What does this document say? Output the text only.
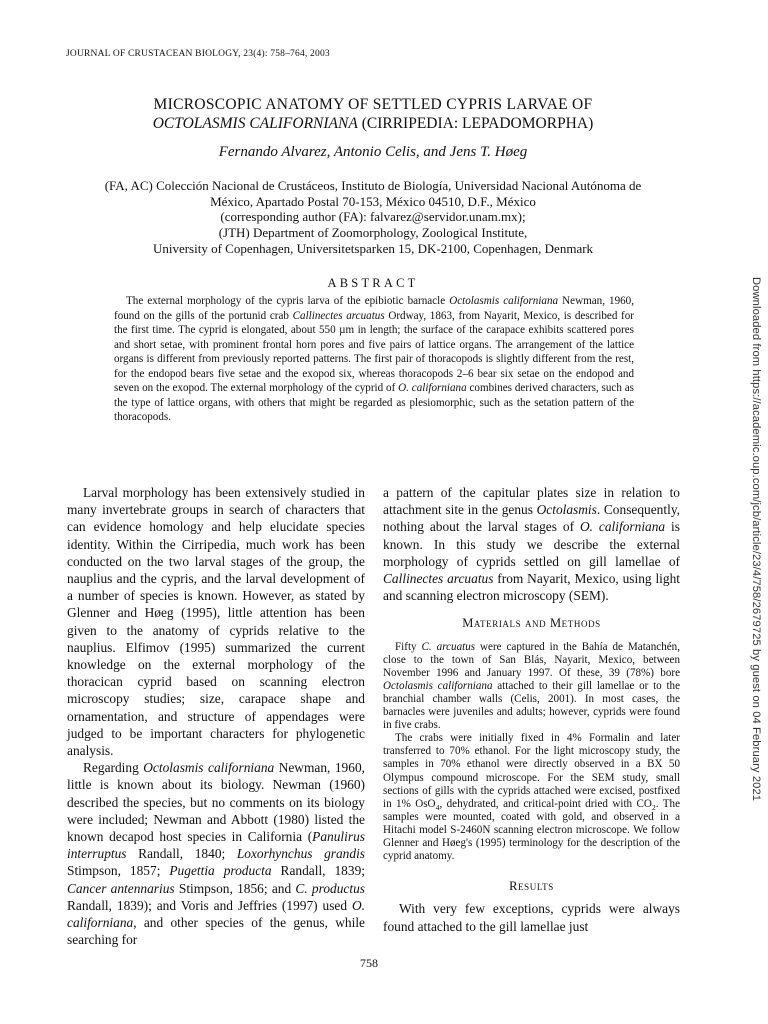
JOURNAL OF CRUSTACEAN BIOLOGY, 23(4): 758–764, 2003
MICROSCOPIC ANATOMY OF SETTLED CYPRIS LARVAE OF
OCTOLASMIS CALIFORNIANA (CIRRIPEDIA: LEPADOMORPHA)
Fernando Alvarez, Antonio Celis, and Jens T. Høeg
(FA, AC) Colección Nacional de Crustáceos, Instituto de Biología, Universidad Nacional Autónoma de
México, Apartado Postal 70-153, México 04510, D.F., México
(corresponding author (FA): falvarez@servidor.unam.mx);
(JTH) Department of Zoomorphology, Zoological Institute,
University of Copenhagen, Universitetsparken 15, DK-2100, Copenhagen, Denmark
ABSTRACT
The external morphology of the cypris larva of the epibiotic barnacle Octolasmis californiana Newman, 1960, found on the gills of the portunid crab Callinectes arcuatus Ordway, 1863, from Nayarit, Mexico, is described for the first time. The cyprid is elongated, about 550 µm in length; the surface of the carapace exhibits scattered pores and short setae, with prominent frontal horn pores and five pairs of lattice organs. The arrangement of the lattice organs is different from previously reported patterns. The first pair of thoracopods is slightly different from the rest, for the endopod bears five setae and the exopod six, whereas thoracopods 2–6 bear six setae on the endopod and seven on the exopod. The external morphology of the cyprid of O. californiana combines derived characters, such as the type of lattice organs, with others that might be regarded as plesiomorphic, such as the setation pattern of the thoracopods.

Larval morphology has been extensively studied in many invertebrate groups in search of characters that can evidence homology and help elucidate species identity. Within the Cirripedia, much work has been conducted on the two larval stages of the group, the nauplius and the cypris, and the larval development of a number of species is known. However, as stated by Glenner and Høeg (1995), little attention has been given to the anatomy of cyprids relative to the nauplius. Elfimov (1995) summarized the current knowledge on the external morphology of the thoracican cyprid based on scanning electron microscopy studies; size, carapace shape and ornamentation, and structure of appendages were judged to be important characters for phylogenetic analysis.

Regarding Octolasmis californiana Newman, 1960, little is known about its biology. Newman (1960) described the species, but no comments on its biology were included; Newman and Abbott (1980) listed the known decapod host species in California (Panulirus interruptus Randall, 1840; Loxorhynchus grandis Stimpson, 1857; Pugettia producta Randall, 1839; Cancer antennarius Stimpson, 1856; and C. productus Randall, 1839); and Voris and Jeffries (1997) used O. californiana, and other species of the genus, while searching for

a pattern of the capitular plates size in relation to attachment site in the genus Octolasmis. Consequently, nothing about the larval stages of O. californiana is known. In this study we describe the external morphology of cyprids settled on gill lamellae of Callinectes arcuatus from Nayarit, Mexico, using light and scanning electron microscopy (SEM).

Materials and Methods

Fifty C. arcuatus were captured in the Bahía de Matanchén, close to the town of San Blás, Nayarit, Mexico, between November 1996 and January 1997. Of these, 39 (78%) bore Octolasmis californiana attached to their gill lamellae or to the branchial chamber walls (Celis, 2001). In most cases, the barnacles were juveniles and adults; however, cyprids were found in five crabs.

The crabs were initially fixed in 4% Formalin and later transferred to 70% ethanol. For the light microscopy study, the samples in 70% ethanol were directly observed in a BX 50 Olympus compound microscope. For the SEM study, small sections of gills with the cyprids attached were excised, postfixed in 1% OsO$_4$, dehydrated, and critical-point dried with $CO_2$. The samples were mounted, coated with gold, and observed in a Hitachi model S-2460N scanning electron microscope. We follow Glenner and Høeg's (1995) terminology for the description of the cyprid anatomy.

Results

With very few exceptions, cyprids were always found attached to the gill lamellae just

758
Downloaded from https://academic.oup.com/jcb/article/23/4/758/2679725 by guest on 04 February 2021
